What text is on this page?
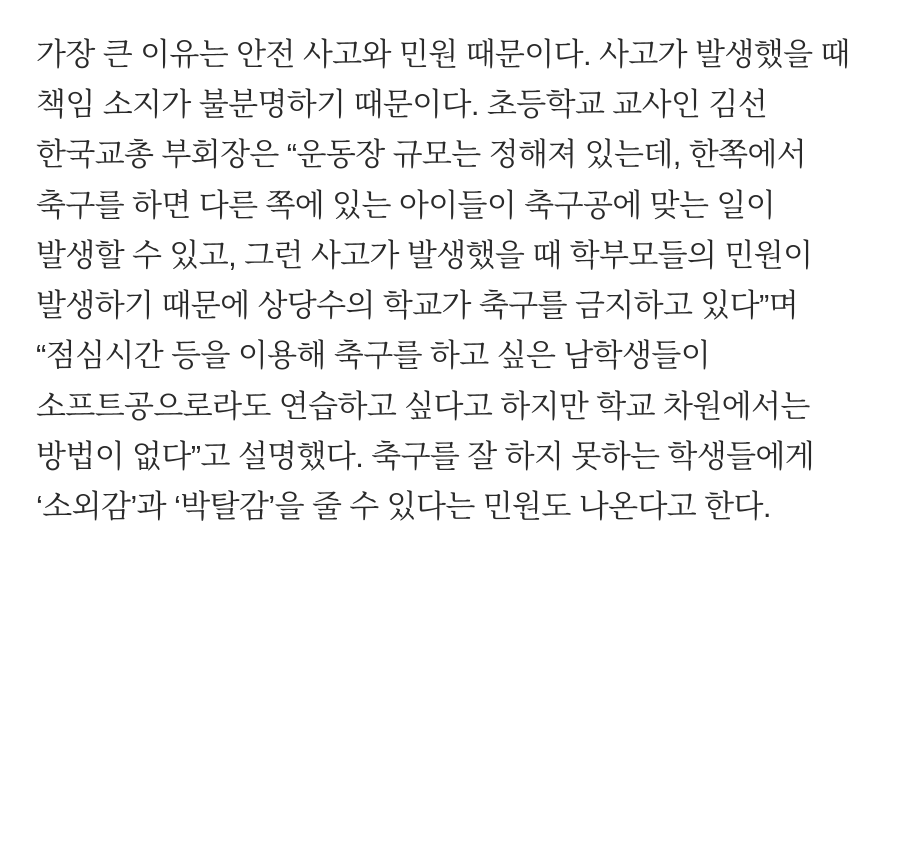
가장 큰 이유는 안전 사고와 민원 때문이다. 사고가 발생했을 때 책임 소지가 불분명하기 때문이다. 초등학교 교사인 김선 한국교총 부회장은 “운동장 규모는 정해져 있는데, 한쪽에서 축구를 하면 다른 쪽에 있는 아이들이 축구공에 맞는 일이 발생할 수 있고, 그런 사고가 발생했을 때 학부모들의 민원이 발생하기 때문에 상당수의 학교가 축구를 금지하고 있다”며 “점심시간 등을 이용해 축구를 하고 싶은 남학생들이 소프트공으로라도 연습하고 싶다고 하지만 학교 차원에서는 방법이 없다”고 설명했다. 축구를 잘 하지 못하는 학생들에게 ‘소외감’과 ‘박탈감’을 줄 수 있다는 민원도 나온다고 한다.
